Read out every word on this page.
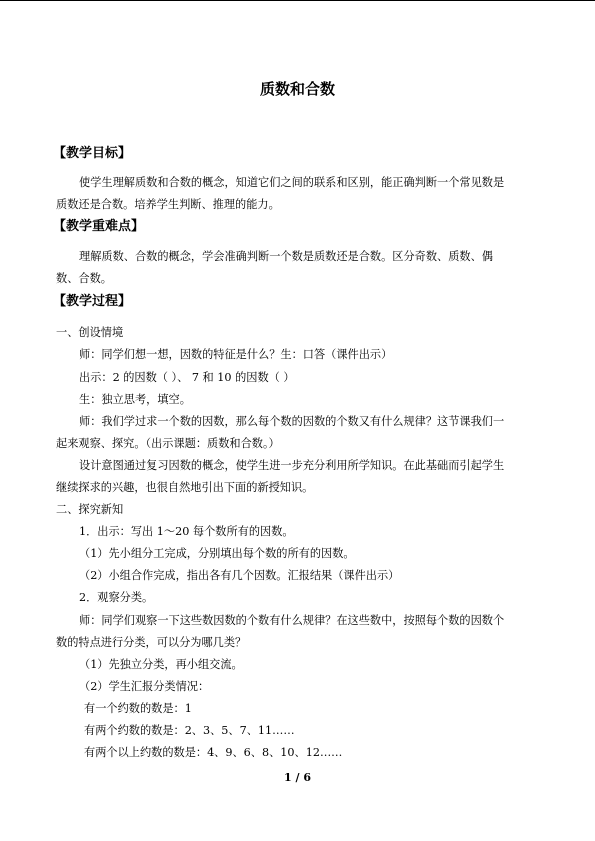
质数和合数
【教学目标】
使学生理解质数和合数的概念，知道它们之间的联系和区别，能正确判断一个常见数是
质数还是合数。培养学生判断、推理的能力。
【教学重难点】
理解质数、合数的概念，学会准确判断一个数是质数还是合数。区分奇数、质数、偶
数、合数。
【教学过程】
一、创设情境
师：同学们想一想，因数的特征是什么？生：口答（课件出示）
出示：2 的因数（ ）、 7 和 10 的因数（ ）
生：独立思考，填空。
师：我们学过求一个数的因数，那么每个数的因数的个数又有什么规律？这节课我们一
起来观察、探究。（出示课题：质数和合数。）
设计意图通过复习因数的概念，使学生进一步充分利用所学知识。在此基础而引起学生
继续探求的兴趣，也很自然地引出下面的新授知识。
二、探究新知
1．出示：写出 1～20 每个数所有的因数。
（1）先小组分工完成，分别填出每个数的所有的因数。
（2）小组合作完成，指出各有几个因数。汇报结果（课件出示）
2．观察分类。
师：同学们观察一下这些数因数的个数有什么规律？在这些数中，按照每个数的因数个
数的特点进行分类，可以分为哪几类？
（1）先独立分类，再小组交流。
（2）学生汇报分类情况：
有一个约数的数是：1
有两个约数的数是：2、3、5、7、11……
有两个以上约数的数是：4、9、6、8、10、12……
1 / 6
